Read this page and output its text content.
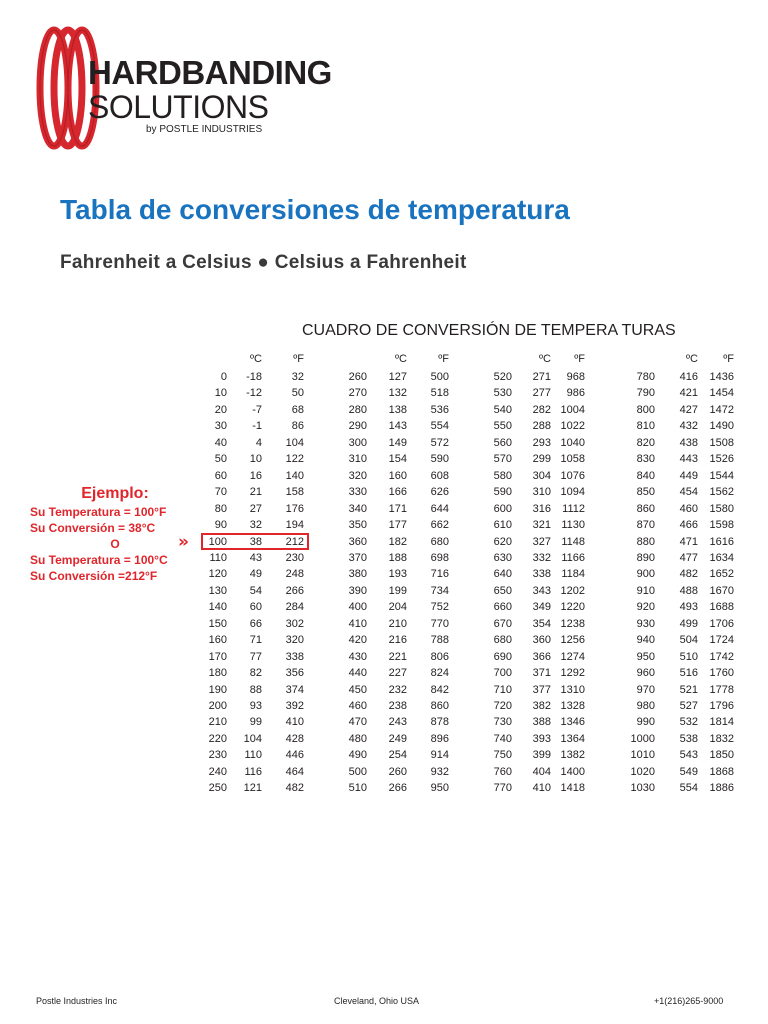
HARDBANDING
SOLUTIONS
by POSTLE INDUSTRIES
Tabla de conversiones de temperatura
Fahrenheit a Celsius ● Celsius a Fahrenheit
CUADRO DE CONVERSIÓN DE TEMPERA TURAS
ºC	ºF
0	-18	32
10	-12	50
20	-7	68
30	-1	86
40	4	104
50	10	122
60	16	140
70	21	158
80	27	176
90	32	194
100	38	212
110	43	230
120	49	248
130	54	266
140	60	284
150	66	302
160	71	320
170	77	338
180	82	356
190	88	374
200	93	392
210	99	410
220	104	428
230	110	446
240	116	464
250	121	482
ºC	ºF
260	127	500
270	132	518
280	138	536
290	143	554
300	149	572
310	154	590
320	160	608
330	166	626
340	171	644
350	177	662
360	182	680
370	188	698
380	193	716
390	199	734
400	204	752
410	210	770
420	216	788
430	221	806
440	227	824
450	232	842
460	238	860
470	243	878
480	249	896
490	254	914
500	260	932
510	266	950
ºC	ºF
520	271	968
530	277	986
540	282 1004
550	288 1022
560	293 1040
570	299 1058
580	304 1076
590	310 1094
600	316	1112
610	321 1130
620	327 1148
630	332 1166
640	338 1184
650	343 1202
660	349 1220
670	354 1238
680	360 1256
690	366 1274
700	371 1292
710	377 1310
720	382 1328
730	388 1346
740	393 1364
750	399 1382
760	404 1400
770	410 1418
ºC	ºF
780	416	1436
790	421	1454
800	427	1472
810	432	1490
820	438	1508
830	443	1526
840	449	1544
850	454	1562
860	460	1580
870	466	1598
880	471	1616
890	477	1634
900	482	1652
910	488	1670
920	493	1688
930	499	1706
940	504	1724
950	510	1742
960	516	1760
970	521	1778
980	527	1796
990	532	1814
1000	538	1832
1010	543	1850
1020	549	1868
1030	554	1886
»
Ejemplo:
Su Temperatura = 100°F
Su Conversión = 38°C
O
Su Temperatura = 100°C
Su Conversión =212°F
Postle Industries Inc	Cleveland, Ohio USA	+1(216)265-9000
